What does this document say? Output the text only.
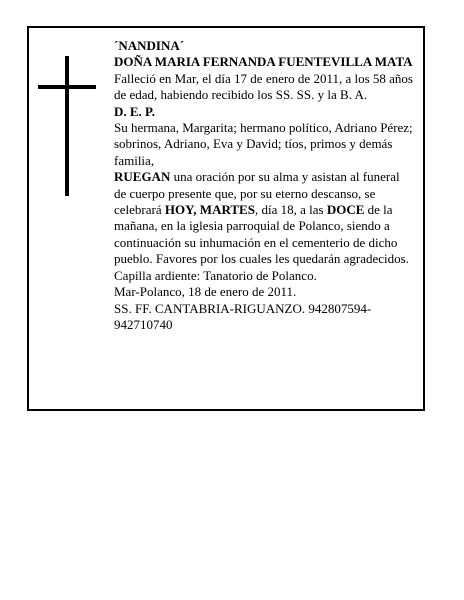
´NANDINA´

DOÑA MARIA FERNANDA FUENTEVILLA MATA

Falleció en Mar, el día 17 de enero de 2011, a los 58 años de edad, habiendo recibido los SS. SS. y la B. A.

D. E. P.

Su hermana, Margarita; hermano político, Adriano Pérez; sobrinos, Adriano, Eva y David; tíos, primos y demás familia,

RUEGAN una oración por su alma y asistan al funeral de cuerpo presente que, por su eterno descanso, se celebrará HOY, MARTES, día 18, a las DOCE de la mañana, en la iglesia parroquial de Polanco, siendo a continuación su inhumación en el cementerio de dicho pueblo. Favores por los cuales les quedarán agradecidos. Capilla ardiente: Tanatorio de Polanco.

Mar-Polanco, 18 de enero de 2011.

SS. FF. CANTABRIA-RIGUANZO. 942807594-942710740
